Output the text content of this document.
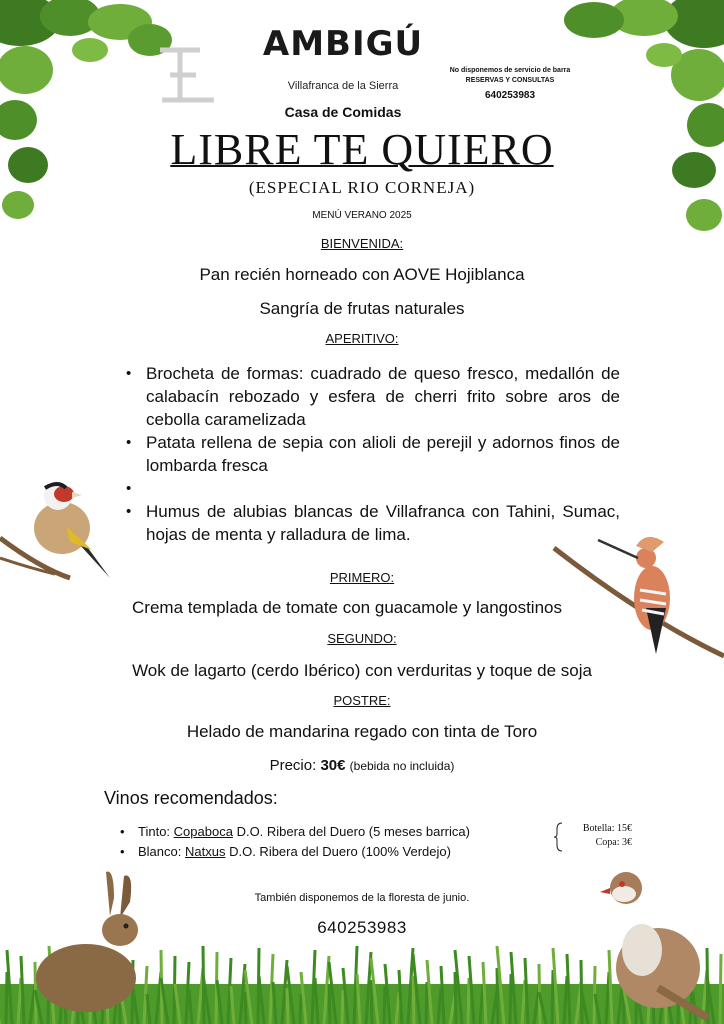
AMBIGÚ
Villafranca de la Sierra
Casa de Comidas
No disponemos de servicio de barra
RESERVAS Y CONSULTAS
640253983
LIBRE TE QUIERO
(ESPECIAL RIO CORNEJA)
MENÚ VERANO 2025
BIENVENIDA:
Pan recién horneado con AOVE Hojiblanca
Sangría de frutas naturales
APERITIVO:
• Brocheta de formas: cuadrado de queso fresco, medallón de calabacín rebozado y esfera de cherri frito sobre aros de cebolla caramelizada
• Patata rellena de sepia con alioli de perejil y adornos finos de lombarda fresca
•
• Humus de alubias blancas de Villafranca con Tahini, Sumac, hojas de menta y ralladura de lima.
PRIMERO:
Crema templada de tomate con guacamole y langostinos
SEGUNDO:
Wok de lagarto (cerdo Ibérico) con verduritas y toque de soja
POSTRE:
Helado de mandarina regado con tinta de Toro
Precio: 30€ (bebida no incluida)
Vinos recomendados:
• Tinto: Copaboca D.O. Ribera del Duero (5 meses barrica)
• Blanco: Natxus D.O. Ribera del Duero (100% Verdejo)
Botella: 15€
Copa: 3€
También disponemos de la floresta de junio.
640253983
